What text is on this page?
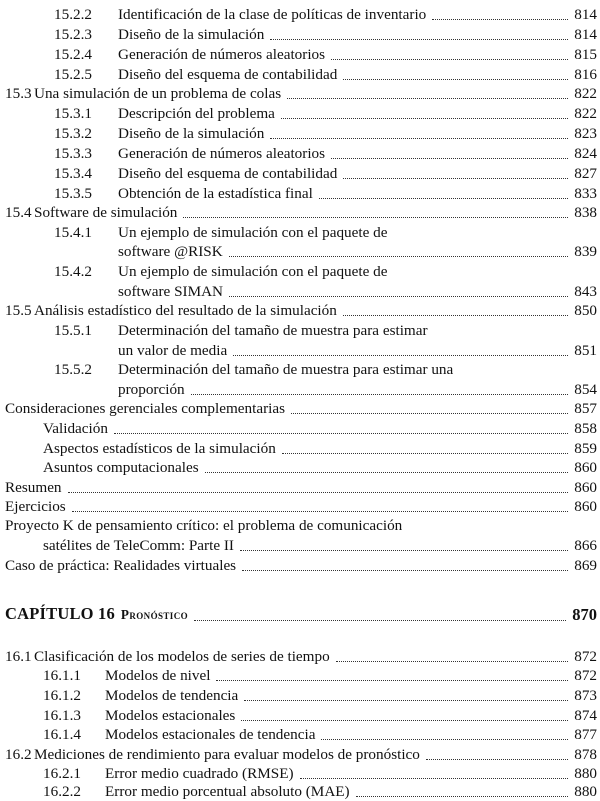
15.2.2 Identificación de la clase de políticas de inventario	814
15.2.3 Diseño de la simulación	814
15.2.4 Generación de números aleatorios	815
15.2.5 Diseño del esquema de contabilidad	816
15.3 Una simulación de un problema de colas	822
15.3.1 Descripción del problema	822
15.3.2 Diseño de la simulación	823
15.3.3 Generación de números aleatorios	824
15.3.4 Diseño del esquema de contabilidad	827
15.3.5 Obtención de la estadística final	833
15.4 Software de simulación	838
15.4.1 Un ejemplo de simulación con el paquete de
software @RISK	839
15.4.2 Un ejemplo de simulación con el paquete de
software SIMAN	843
15.5 Análisis estadístico del resultado de la simulación	850
15.5.1 Determinación del tamaño de muestra para estimar
un valor de media	851
15.5.2 Determinación del tamaño de muestra para estimar una
proporción	854
Consideraciones gerenciales complementarias	857
Validación	858
Aspectos estadísticos de la simulación	859
Asuntos computacionales	860
Resumen	860
Ejercicios	860
Proyecto K de pensamiento crítico: el problema de comunicación
satélites de TeleComm: Parte II	866
Caso de práctica: Realidades virtuales	869
CAPÍTULO 16 Pronóstico	870
16.1 Clasificación de los modelos de series de tiempo	872
16.1.1 Modelos de nivel	872
16.1.2 Modelos de tendencia	873
16.1.3 Modelos estacionales	874
16.1.4 Modelos estacionales de tendencia	877
16.2 Mediciones de rendimiento para evaluar modelos de pronóstico	878
16.2.1 Error medio cuadrado (RMSE)	880
16.2.2 Error medio porcentual absoluto (MAE)	880
